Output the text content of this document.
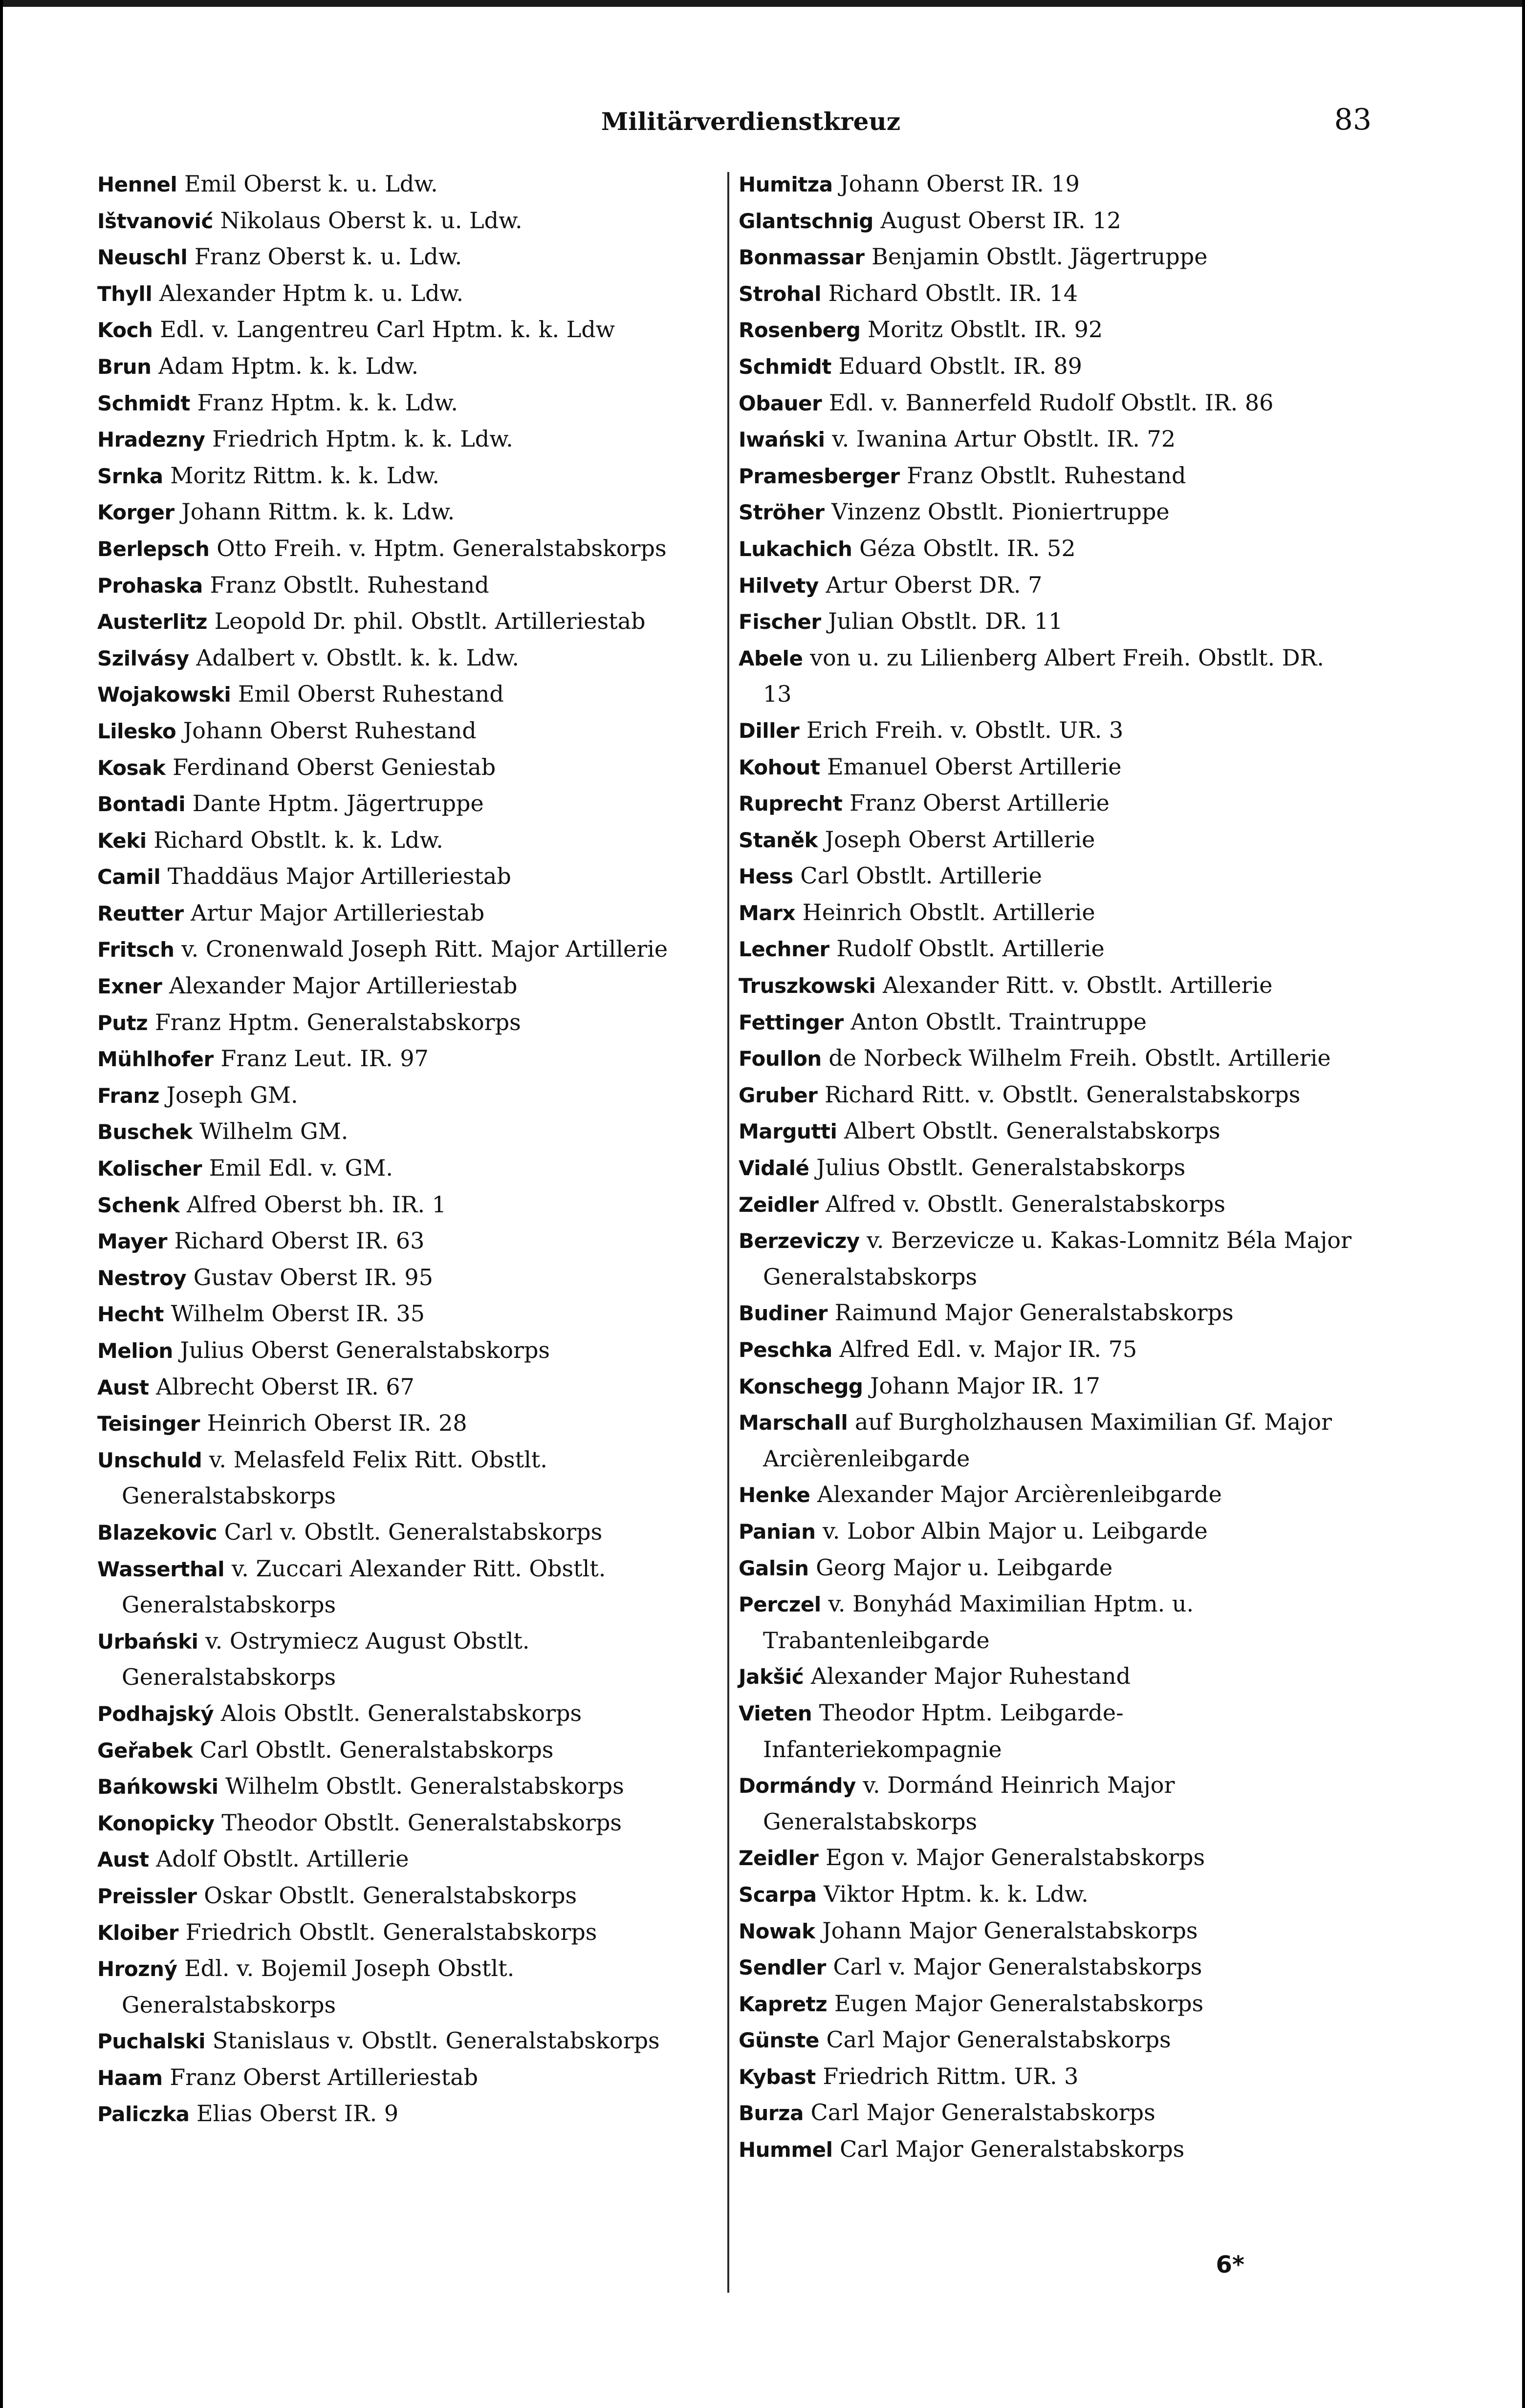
Militärverdienstkreuz	83
Hennel Emil Oberst k. u. Ldw.
Ištvanović Nikolaus Oberst k. u. Ldw.
Neuschl Franz Oberst k. u. Ldw.
Thyll Alexander Hptm k. u. Ldw.
Koch Edl. v. Langentreu Carl Hptm. k. k. Ldw
Brun Adam Hptm. k. k. Ldw.
Schmidt Franz Hptm. k. k. Ldw.
Hradezny Friedrich Hptm. k. k. Ldw.
Srnka Moritz Rittm. k. k. Ldw.
Korger Johann Rittm. k. k. Ldw.
Berlepsch Otto Freih. v. Hptm. Generalstabskorps
Prohaska Franz Obstlt. Ruhestand
Austerlitz Leopold Dr. phil. Obstlt. Artilleriestab
Szilvásy Adalbert v. Obstlt. k. k. Ldw.
Wojakowski Emil Oberst Ruhestand
Lilesko Johann Oberst Ruhestand
Kosak Ferdinand Oberst Geniestab
Bontadi Dante Hptm. Jägertruppe
Keki Richard Obstlt. k. k. Ldw.
Camil Thaddäus Major Artilleriestab
Reutter Artur Major Artilleriestab
Fritsch v. Cronenwald Joseph Ritt. Major Artillerie
Exner Alexander Major Artilleriestab
Putz Franz Hptm. Generalstabskorps
Mühlhofer Franz Leut. IR. 97
Franz Joseph GM.
Buschek Wilhelm GM.
Kolischer Emil Edl. v. GM.
Schenk Alfred Oberst bh. IR. 1
Mayer Richard Oberst IR. 63
Nestroy Gustav Oberst IR. 95
Hecht Wilhelm Oberst IR. 35
Melion Julius Oberst Generalstabskorps
Aust Albrecht Oberst IR. 67
Teisinger Heinrich Oberst IR. 28
Unschuld v. Melasfeld Felix Ritt. Obstlt. Generalstabskorps
Blazekovic Carl v. Obstlt. Generalstabskorps
Wasserthal v. Zuccari Alexander Ritt. Obstlt. Generalstabskorps
Urbański v. Ostrymiecz August Obstlt. Generalstabskorps
Podhajský Alois Obstlt. Generalstabskorps
Geřabek Carl Obstlt. Generalstabskorps
Bańkowski Wilhelm Obstlt. Generalstabskorps
Konopicky Theodor Obstlt. Generalstabskorps
Aust Adolf Obstlt. Artillerie
Preissler Oskar Obstlt. Generalstabskorps
Kloiber Friedrich Obstlt. Generalstabskorps
Hrozný Edl. v. Bojemil Joseph Obstlt. Generalstabskorps
Puchalski Stanislaus v. Obstlt. Generalstabskorps
Haam Franz Oberst Artilleriestab
Paliczka Elias Oberst IR. 9
Humitza Johann Oberst IR. 19
Glantschnig August Oberst IR. 12
Bonmassar Benjamin Obstlt. Jägertruppe
Strohal Richard Obstlt. IR. 14
Rosenberg Moritz Obstlt. IR. 92
Schmidt Eduard Obstlt. IR. 89
Obauer Edl. v. Bannerfeld Rudolf Obstlt. IR. 86
Iwański v. Iwanina Artur Obstlt. IR. 72
Pramesberger Franz Obstlt. Ruhestand
Ströher Vinzenz Obstlt. Pioniertruppe
Lukachich Géza Obstlt. IR. 52
Hilvety Artur Oberst DR. 7
Fischer Julian Obstlt. DR. 11
Abele von u. zu Lilienberg Albert Freih. Obstlt. DR. 13
Diller Erich Freih. v. Obstlt. UR. 3
Kohout Emanuel Oberst Artillerie
Ruprecht Franz Oberst Artillerie
Staněk Joseph Oberst Artillerie
Hess Carl Obstlt. Artillerie
Marx Heinrich Obstlt. Artillerie
Lechner Rudolf Obstlt. Artillerie
Truszkowski Alexander Ritt. v. Obstlt. Artillerie
Fettinger Anton Obstlt. Traintruppe
Foullon de Norbeck Wilhelm Freih. Obstlt. Artillerie
Gruber Richard Ritt. v. Obstlt. Generalstabskorps
Margutti Albert Obstlt. Generalstabskorps
Vidalé Julius Obstlt. Generalstabskorps
Zeidler Alfred v. Obstlt. Generalstabskorps
Berzeviczy v. Berzevicze u. Kakas-Lomnitz Béla Major Generalstabskorps
Budiner Raimund Major Generalstabskorps
Peschka Alfred Edl. v. Major IR. 75
Konschegg Johann Major IR. 17
Marschall auf Burgholzhausen Maximilian Gf. Major Arcièrenleibgarde
Henke Alexander Major Arcièrenleibgarde
Panian v. Lobor Albin Major u. Leibgarde
Galsin Georg Major u. Leibgarde
Perczel v. Bonyhád Maximilian Hptm. u. Trabantenleibgarde
Jakšić Alexander Major Ruhestand
Vieten Theodor Hptm. Leibgarde-Infanteriekompagnie
Dormándy v. Dormánd Heinrich Major Generalstabskorps
Zeidler Egon v. Major Generalstabskorps
Scarpa Viktor Hptm. k. k. Ldw.
Nowak Johann Major Generalstabskorps
Sendler Carl v. Major Generalstabskorps
Kapretz Eugen Major Generalstabskorps
Günste Carl Major Generalstabskorps
Kybast Friedrich Rittm. UR. 3
Burza Carl Major Generalstabskorps
Hummel Carl Major Generalstabskorps
6*
